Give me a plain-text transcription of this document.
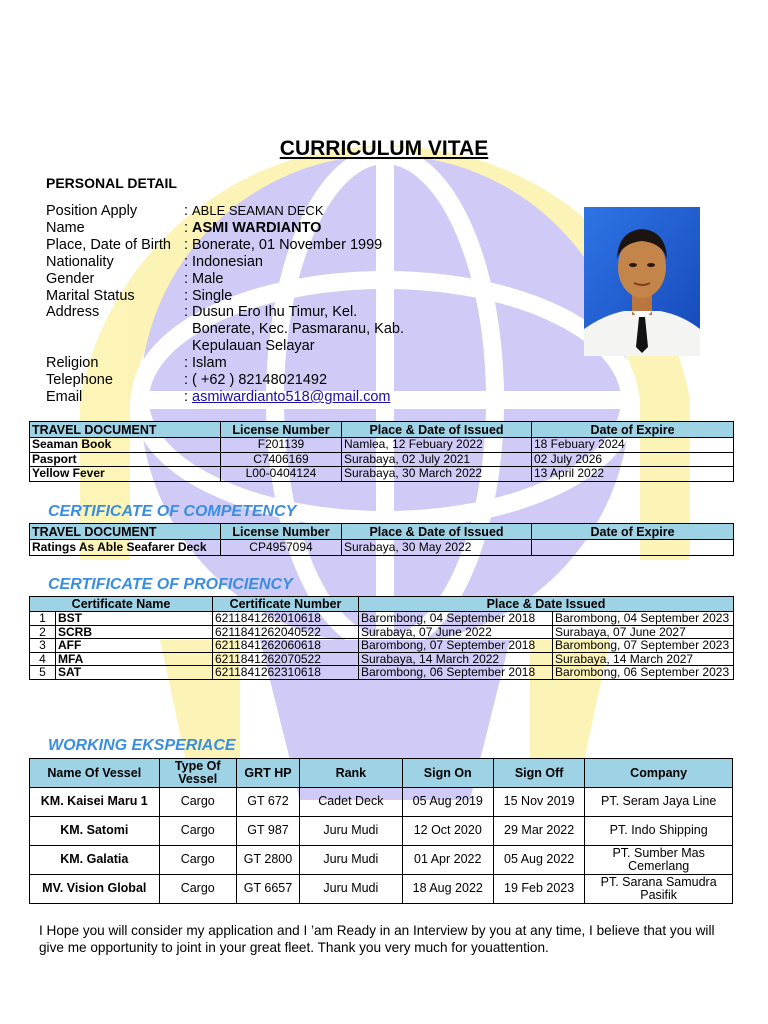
CURRICULUM VITAE
PERSONAL DETAIL
Position Apply	: ABLE SEAMAN DECK
Name	: ASMI WARDIANTO
Place, Date of Birth : Bonerate, 01 November 1999
Nationality	: Indonesian
Gender	: Male
Marital Status	: Single
Address	: Dusun Ero Ihu Timur, Kel.
Bonerate, Kec. Pasmaranu, Kab.
Kepulauan Selayar
Religion	: Islam
Telephone	: ( +62 ) 82148021492
Email	: asmiwardianto518@gmail.com
TRAVEL DOCUMENT	License Number	Place & Date of Issued	Date of Expire
Seaman Book	F201139	Namlea, 12 Febuary 2022	18 Febuary 2024
Pasport	C7406169	Surabaya, 02 July 2021	02 July 2026
Yellow Fever	L00-0404124	Surabaya, 30 March 2022	13 April 2022
CERTIFICATE OF COMPETENCY
TRAVEL DOCUMENT	License Number	Place & Date of Issued	Date of Expire
Ratings As Able Seafarer Deck	CP4957094	Surabaya, 30 May 2022	
CERTIFICATE OF PROFICIENCY
Certificate Name		Certificate Number	Place & Date Issued	
1	BST	6211841262010618	Barombong, 04 September 2018	Barombong, 04 September 2023
2	SCRB	6211841262040522	Surabaya, 07 June 2022	Surabaya, 07 June 2027
3	AFF	6211841262060618	Barombong, 07 September 2018	Barombong, 07 September 2023
4	MFA	6211841262070522	Surabaya, 14 March 2022	Surabaya, 14 March 2027
5	SAT	6211841262310618	Barombong, 06 September 2018	Barombong, 06 September 2023
WORKING EKSPERIACE
Name Of Vessel	Type Of Vessel	GRT HP	Rank	Sign On	Sign Off	Company
KM. Kaisei Maru 1	Cargo	GT 672	Cadet Deck	05 Aug 2019	15 Nov 2019	PT. Seram Jaya Line
KM. Satomi	Cargo	GT 987	Juru Mudi	12 Oct 2020	29 Mar 2022	PT. Indo Shipping
KM. Galatia	Cargo	GT 2800	Juru Mudi	01 Apr 2022	05 Aug 2022	PT. Sumber Mas Cemerlang
MV. Vision Global	Cargo	GT 6657	Juru Mudi	18 Aug 2022	19 Feb 2023	PT. Sarana Samudra Pasifik
I Hope you will consider my application and I ’am Ready in an Interview by you at any time, I believe that you will give me opportunity to joint in your great fleet. Thank you very much for youattention.
